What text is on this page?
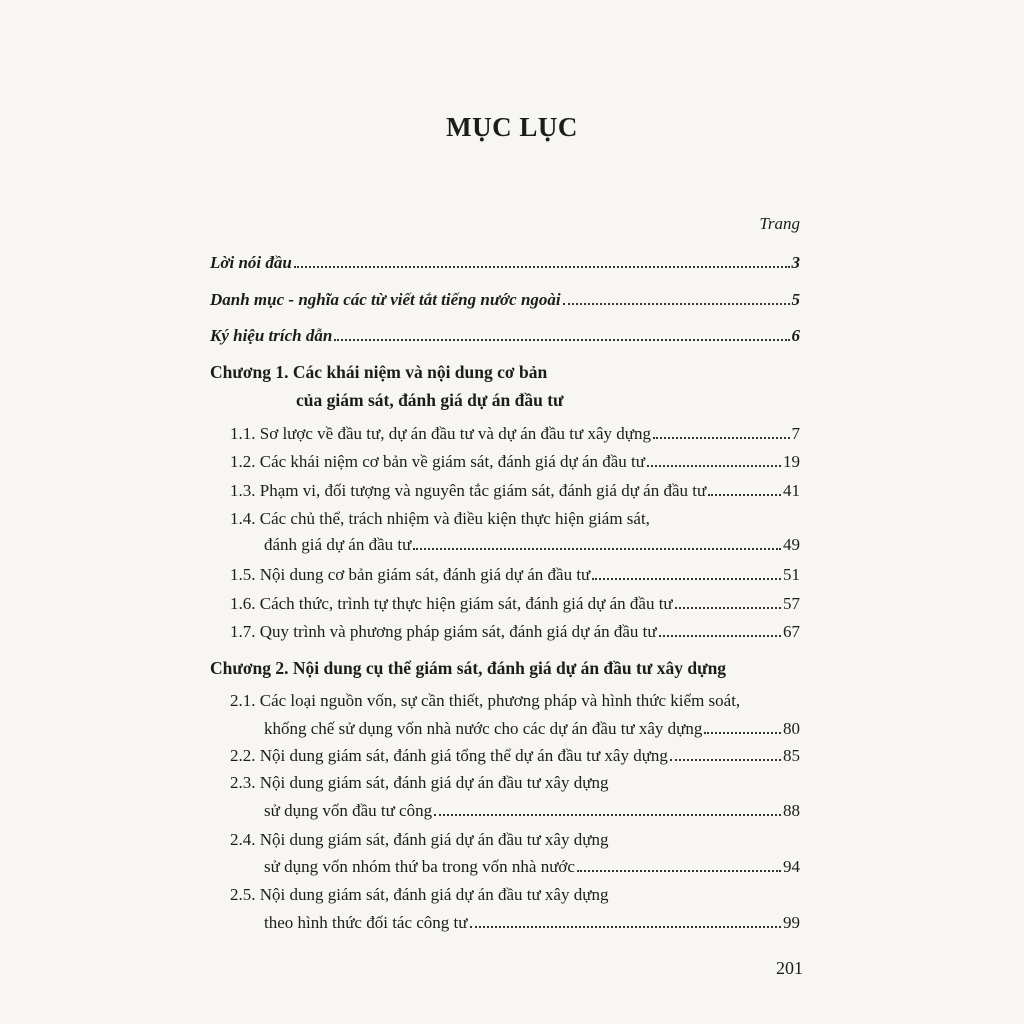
MỤC LỤC
Trang
Lời nói đầu	3
Danh mục - nghĩa các từ viết tắt tiếng nước ngoài	5
Ký hiệu trích dẫn	6
Chương 1. Các khái niệm và nội dung cơ bản
của giám sát, đánh giá dự án đầu tư
1.1. Sơ lược về đầu tư, dự án đầu tư và dự án đầu tư xây dựng	7
1.2. Các khái niệm cơ bản về giám sát, đánh giá dự án đầu tư	19
1.3. Phạm vi, đối tượng và nguyên tắc giám sát, đánh giá dự án đầu tư	41
1.4. Các chủ thể, trách nhiệm và điều kiện thực hiện giám sát,
đánh giá dự án đầu tư	49
1.5. Nội dung cơ bản giám sát, đánh giá dự án đầu tư	51
1.6. Cách thức, trình tự thực hiện giám sát, đánh giá dự án đầu tư	57
1.7. Quy trình và phương pháp giám sát, đánh giá dự án đầu tư	67
Chương 2. Nội dung cụ thể giám sát, đánh giá dự án đầu tư xây dựng
2.1. Các loại nguồn vốn, sự cần thiết, phương pháp và hình thức kiểm soát,
khống chế sử dụng vốn nhà nước cho các dự án đầu tư xây dựng	80
2.2. Nội dung giám sát, đánh giá tổng thể dự án đầu tư xây dựng	85
2.3. Nội dung giám sát, đánh giá dự án đầu tư xây dựng
sử dụng vốn đầu tư công	88
2.4. Nội dung giám sát, đánh giá dự án đầu tư xây dựng
sử dụng vốn nhóm thứ ba trong vốn nhà nước	94
2.5. Nội dung giám sát, đánh giá dự án đầu tư xây dựng
theo hình thức đối tác công tư	99
201
